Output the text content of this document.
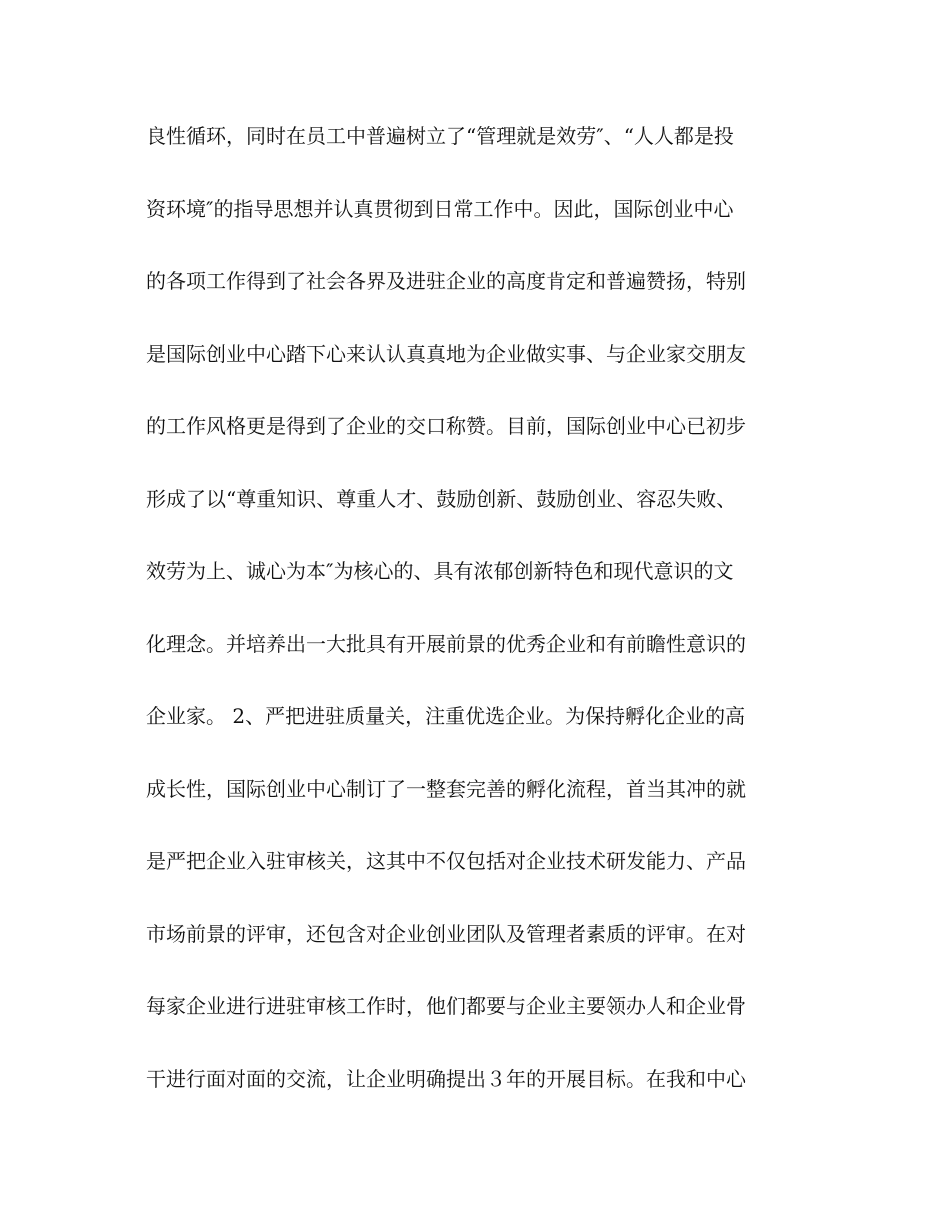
良性循环，同时在员工中普遍树立了“管理就是效劳″、“人人都是投
资环境″的指导思想并认真贯彻到日常工作中。因此，国际创业中心
的各项工作得到了社会各界及进驻企业的高度肯定和普遍赞扬，特别
是国际创业中心踏下心来认认真真地为企业做实事、与企业家交朋友
的工作风格更是得到了企业的交口称赞。目前，国际创业中心已初步
形成了以“尊重知识、尊重人才、鼓励创新、鼓励创业、容忍失败、
效劳为上、诚心为本″为核心的、具有浓郁创新特色和现代意识的文
化理念。并培养出一大批具有开展前景的优秀企业和有前瞻性意识的
企业家。 2、严把进驻质量关，注重优选企业。为保持孵化企业的高
成长性，国际创业中心制订了一整套完善的孵化流程，首当其冲的就
是严把企业入驻审核关，这其中不仅包括对企业技术研发能力、产品
市场前景的评审，还包含对企业创业团队及管理者素质的评审。在对
每家企业进行进驻审核工作时，他们都要与企业主要领办人和企业骨
干进行面对面的交流，让企业明确提出３年的开展目标。在我和中心
